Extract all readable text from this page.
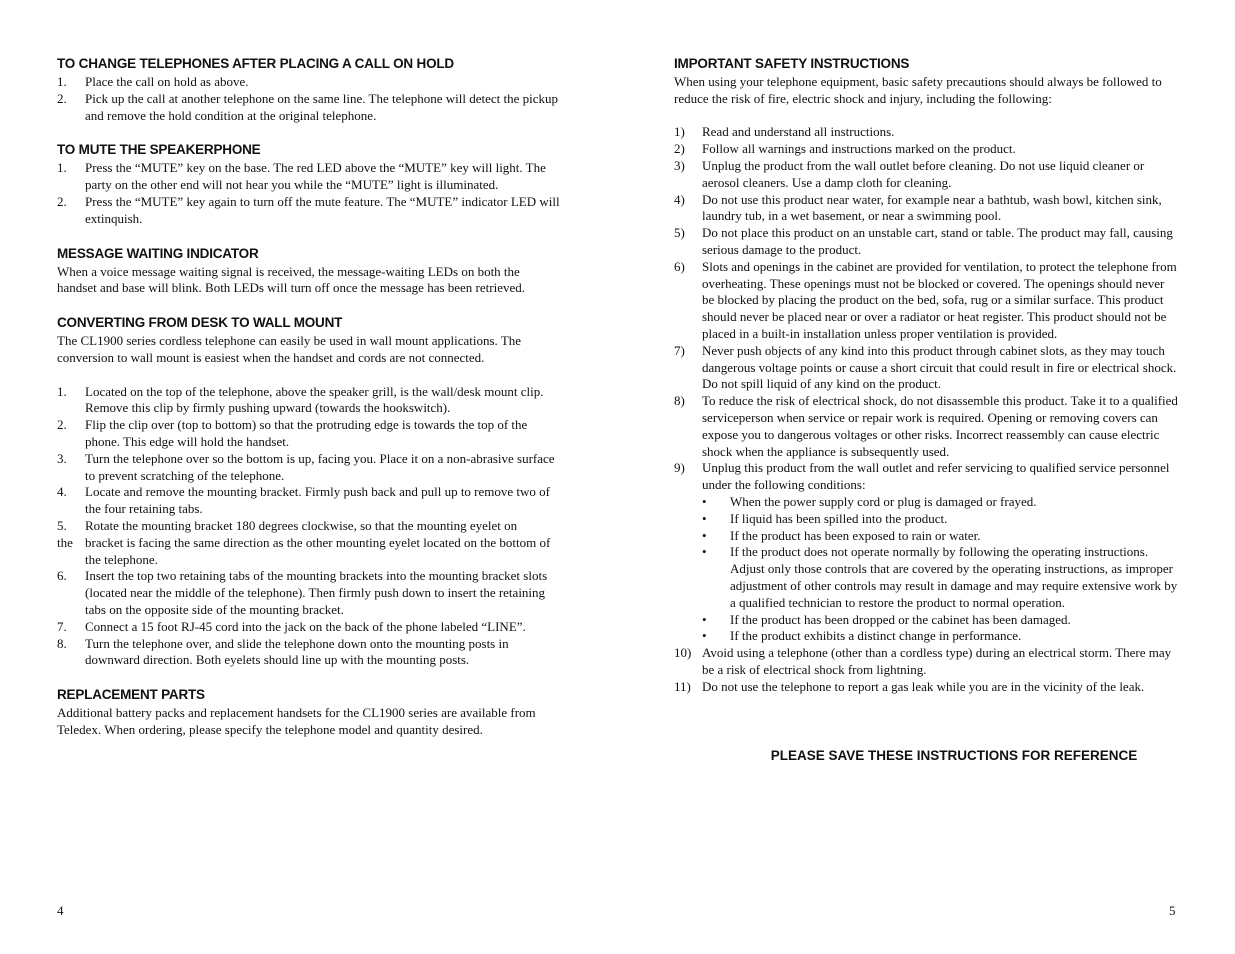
TO CHANGE TELEPHONES AFTER PLACING A CALL ON HOLD
1. Place the call on hold as above.
2. Pick up the call at another telephone on the same line. The telephone will detect the pickup and remove the hold condition at the original telephone.
TO MUTE THE SPEAKERPHONE
1. Press the “MUTE” key on the base. The red LED above the “MUTE” key will light. The party on the other end will not hear you while the “MUTE” light is illuminated.
2. Press the “MUTE” key again to turn off the mute feature. The “MUTE” indicator LED will extinquish.
MESSAGE WAITING INDICATOR

When a voice message waiting signal is received, the message-waiting LEDs on both the handset and base will blink. Both LEDs will turn off once the message has been retrieved.

CONVERTING FROM DESK TO WALL MOUNT

The CL1900 series cordless telephone can easily be used in wall mount applications. The conversion to wall mount is easiest when the handset and cords are not connected.

1. Located on the top of the telephone, above the speaker grill, is the wall/desk mount clip. Remove this clip by firmly pushing upward (towards the hookswitch).
2. Flip the clip over (top to bottom) so that the protruding edge is towards the top of the phone. This edge will hold the handset.
3. Turn the telephone over so the bottom is up, facing you. Place it on a non-abrasive surface to prevent scratching of the telephone.
4. Locate and remove the mounting bracket. Firmly push back and pull up to remove two of the four retaining tabs.
5. Rotate the mounting bracket 180 degrees clockwise, so that the mounting eyelet on
the bracket is facing the same direction as the other mounting eyelet located on the bottom of the telephone.
6. Insert the top two retaining tabs of the mounting brackets into the mounting bracket slots (located near the middle of the telephone). Then firmly push down to insert the retaining tabs on the opposite side of the mounting bracket.
7. Connect a 15 foot RJ-45 cord into the jack on the back of the phone labeled “LINE”.
8. Turn the telephone over, and slide the telephone down onto the mounting posts in downward direction. Both eyelets should line up with the mounting posts.
REPLACEMENT PARTS

Additional battery packs and replacement handsets for the CL1900 series are available from Teledex. When ordering, please specify the telephone model and quantity desired.

IMPORTANT SAFETY INSTRUCTIONS

When using your telephone equipment, basic safety precautions should always be followed to reduce the risk of fire, electric shock and injury, including the following:

1) Read and understand all instructions.
2) Follow all warnings and instructions marked on the product.
3) Unplug the product from the wall outlet before cleaning. Do not use liquid cleaner or aerosol cleaners. Use a damp cloth for cleaning.
4) Do not use this product near water, for example near a bathtub, wash bowl, kitchen sink, laundry tub, in a wet basement, or near a swimming pool.
5) Do not place this product on an unstable cart, stand or table. The product may fall, causing serious damage to the product.
6) Slots and openings in the cabinet are provided for ventilation, to protect the telephone from overheating. These openings must not be blocked or covered. The openings should never be blocked by placing the product on the bed, sofa, rug or a similar surface. This product should never be placed near or over a radiator or heat register. This product should not be placed in a built-in installation unless proper ventilation is provided.
7) Never push objects of any kind into this product through cabinet slots, as they may touch dangerous voltage points or cause a short circuit that could result in fire or electrical shock. Do not spill liquid of any kind on the product.
8) To reduce the risk of electrical shock, do not disassemble this product. Take it to a qualified serviceperson when service or repair work is required. Opening or removing covers can expose you to dangerous voltages or other risks. Incorrect reassembly can cause electric shock when the appliance is subsequently used.
9) Unplug this product from the wall outlet and refer servicing to qualified service personnel under the following conditions:
• When the power supply cord or plug is damaged or frayed.
• If liquid has been spilled into the product.
• If the product has been exposed to rain or water.
• If the product does not operate normally by following the operating instructions. Adjust only those controls that are covered by the operating instructions, as improper adjustment of other controls may result in damage and may require extensive work by a qualified technician to restore the product to normal operation.
• If the product has been dropped or the cabinet has been damaged.
• If the product exhibits a distinct change in performance.
10) Avoid using a telephone (other than a cordless type) during an electrical storm. There may be a risk of electrical shock from lightning.
11) Do not use the telephone to report a gas leak while you are in the vicinity of the leak.

PLEASE SAVE THESE INSTRUCTIONS FOR REFERENCE

4	5
